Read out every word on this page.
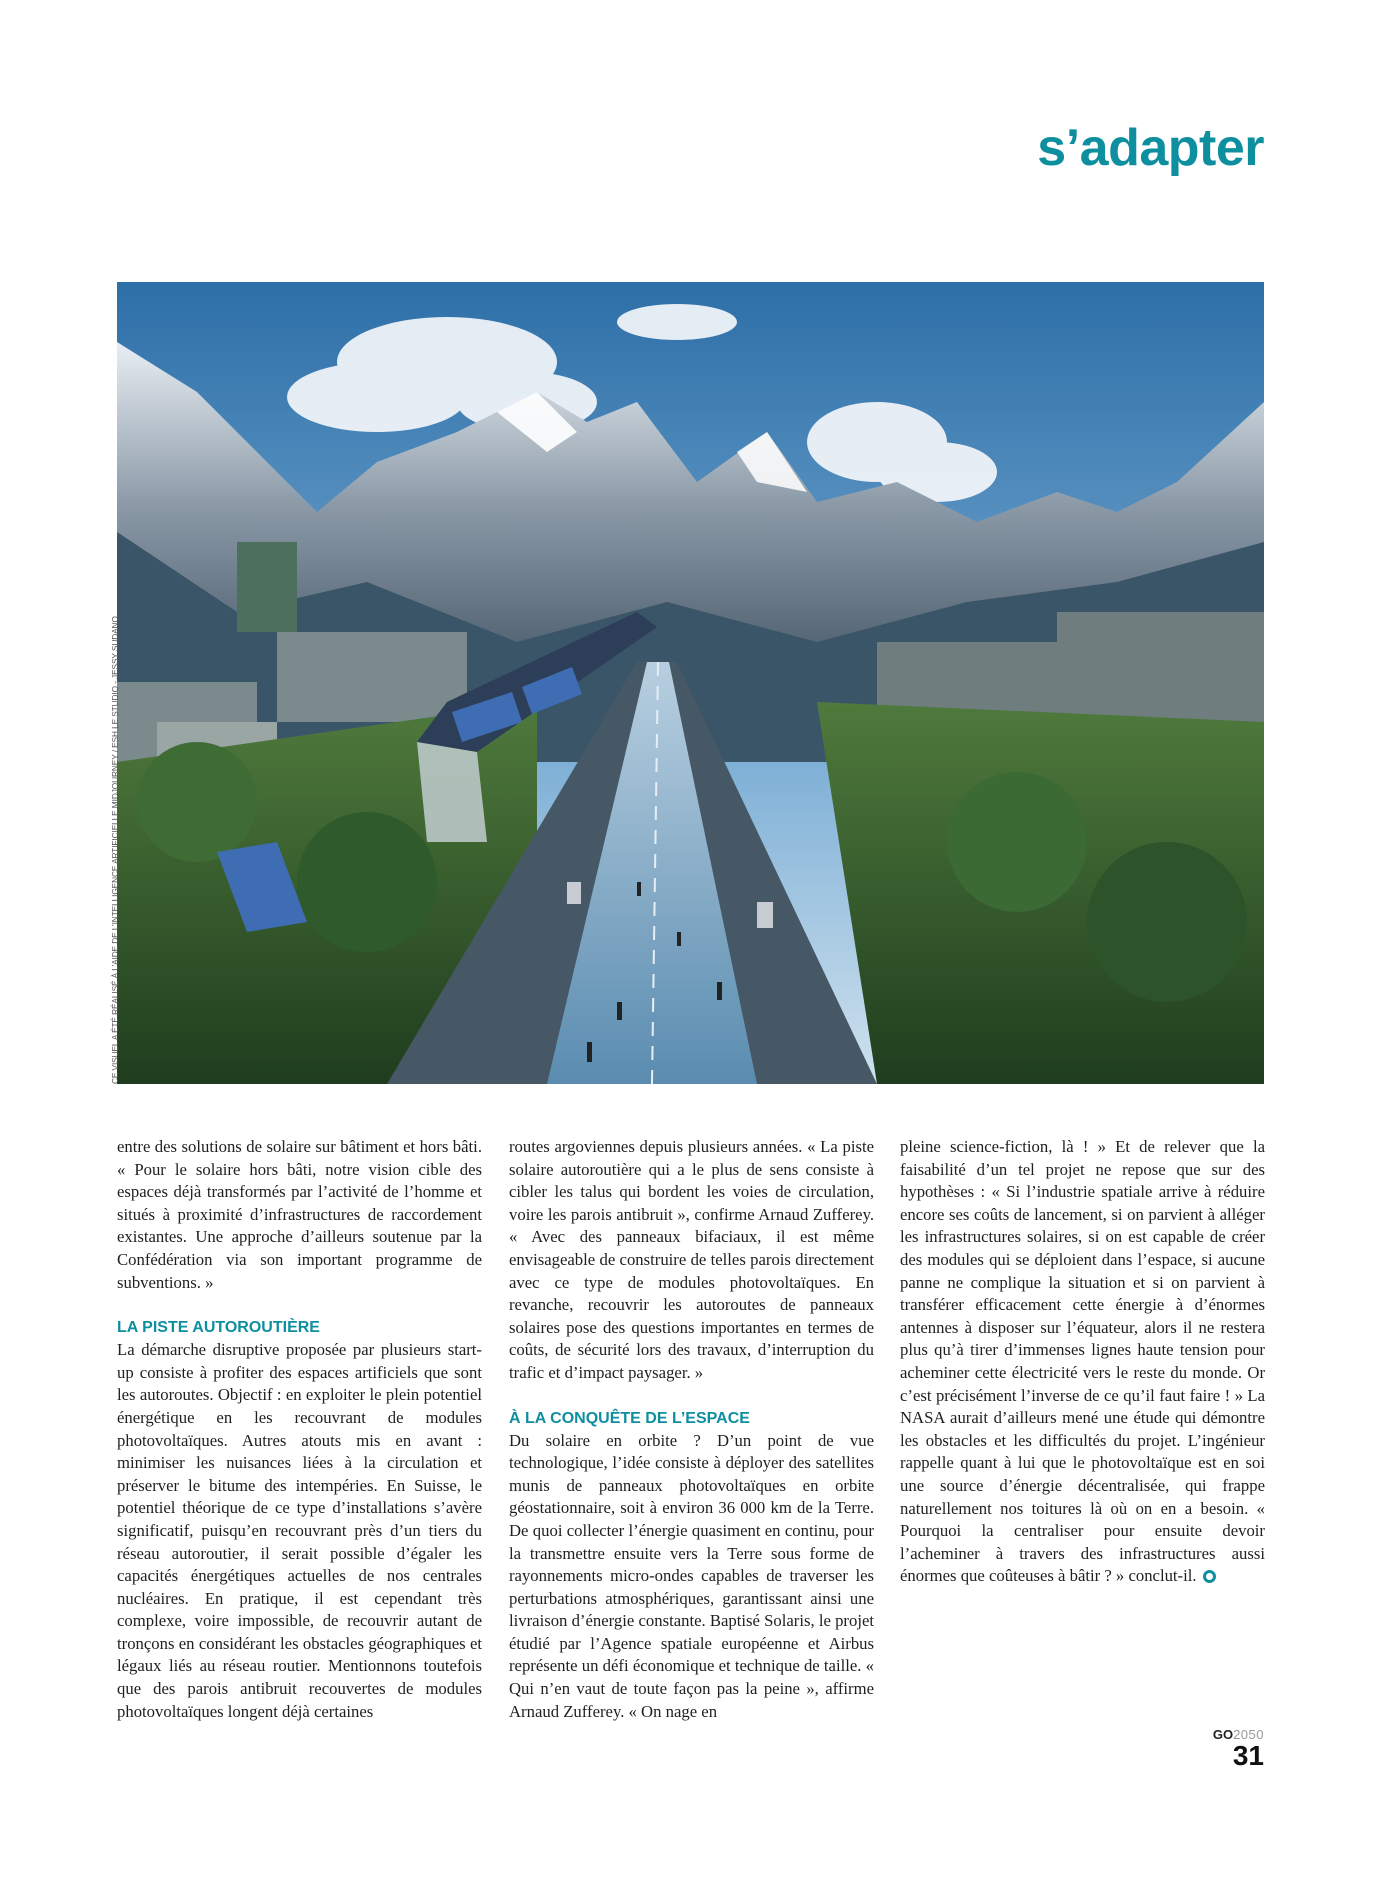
s’adapter
CE VISUEL A ÉTÉ RÉALISÉ À L’AIDE DE L’INTELLIGENCE ARTIFICIELLE MIDJOURNEY / ESH LE STUDIO - JESSY SUDANO

entre des solutions de solaire sur bâtiment et hors bâti. « Pour le solaire hors bâti, notre vision cible des espaces déjà transformés par l’activité de l’homme et situés à proximité d’infrastructures de raccordement existantes. Une approche d’ailleurs soutenue par la Confédération via son important programme de subventions. »

LA PISTE AUTOROUTIÈRE

La démarche disruptive proposée par plusieurs start-up consiste à profiter des espaces artificiels que sont les autoroutes. Objectif : en exploiter le plein potentiel énergétique en les recouvrant de modules photovoltaïques. Autres atouts mis en avant : minimiser les nuisances liées à la circulation et préserver le bitume des intempéries. En Suisse, le potentiel théorique de ce type d’installations s’avère significatif, puisqu’en recouvrant près d’un tiers du réseau autoroutier, il serait possible d’égaler les capacités énergétiques actuelles de nos centrales nucléaires. En pratique, il est cependant très complexe, voire impossible, de recouvrir autant de tronçons en considérant les obstacles géographiques et légaux liés au réseau routier. Mentionnons toutefois que des parois antibruit recouvertes de modules photovoltaïques longent déjà certaines

routes argoviennes depuis plusieurs années. « La piste solaire autoroutière qui a le plus de sens consiste à cibler les talus qui bordent les voies de circulation, voire les parois antibruit », confirme Arnaud Zufferey. « Avec des panneaux bifaciaux, il est même envisageable de construire de telles parois directement avec ce type de modules photovoltaïques. En revanche, recouvrir les autoroutes de panneaux solaires pose des questions importantes en termes de coûts, de sécurité lors des travaux, d’interruption du trafic et d’impact paysager. »

À LA CONQUÊTE DE L’ESPACE

Du solaire en orbite ? D’un point de vue technologique, l’idée consiste à déployer des satellites munis de panneaux photovoltaïques en orbite géostationnaire, soit à environ 36 000 km de la Terre. De quoi collecter l’énergie quasiment en continu, pour la transmettre ensuite vers la Terre sous forme de rayonnements micro-ondes capables de traverser les perturbations atmosphériques, garantissant ainsi une livraison d’énergie constante. Baptisé Solaris, le projet étudié par l’Agence spatiale européenne et Airbus représente un défi économique et technique de taille. « Qui n’en vaut de toute façon pas la peine », affirme Arnaud Zufferey. « On nage en

pleine science-fiction, là ! » Et de relever que la faisabilité d’un tel projet ne repose que sur des hypothèses : « Si l’industrie spatiale arrive à réduire encore ses coûts de lancement, si on parvient à alléger les infrastructures solaires, si on est capable de créer des modules qui se déploient dans l’espace, si aucune panne ne complique la situation et si on parvient à transférer efficacement cette énergie à d’énormes antennes à disposer sur l’équateur, alors il ne restera plus qu’à tirer d’immenses lignes haute tension pour acheminer cette électricité vers le reste du monde. Or c’est précisément l’inverse de ce qu’il faut faire ! » La NASA aurait d’ailleurs mené une étude qui démontre les obstacles et les difficultés du projet. L’ingénieur rappelle quant à lui que le photovoltaïque est en soi une source d’énergie décentralisée, qui frappe naturellement nos toitures là où on en a besoin. « Pourquoi la centraliser pour ensuite devoir l’acheminer à travers des infrastructures aussi énormes que coûteuses à bâtir ? » conclut-il.

GO2050
31
